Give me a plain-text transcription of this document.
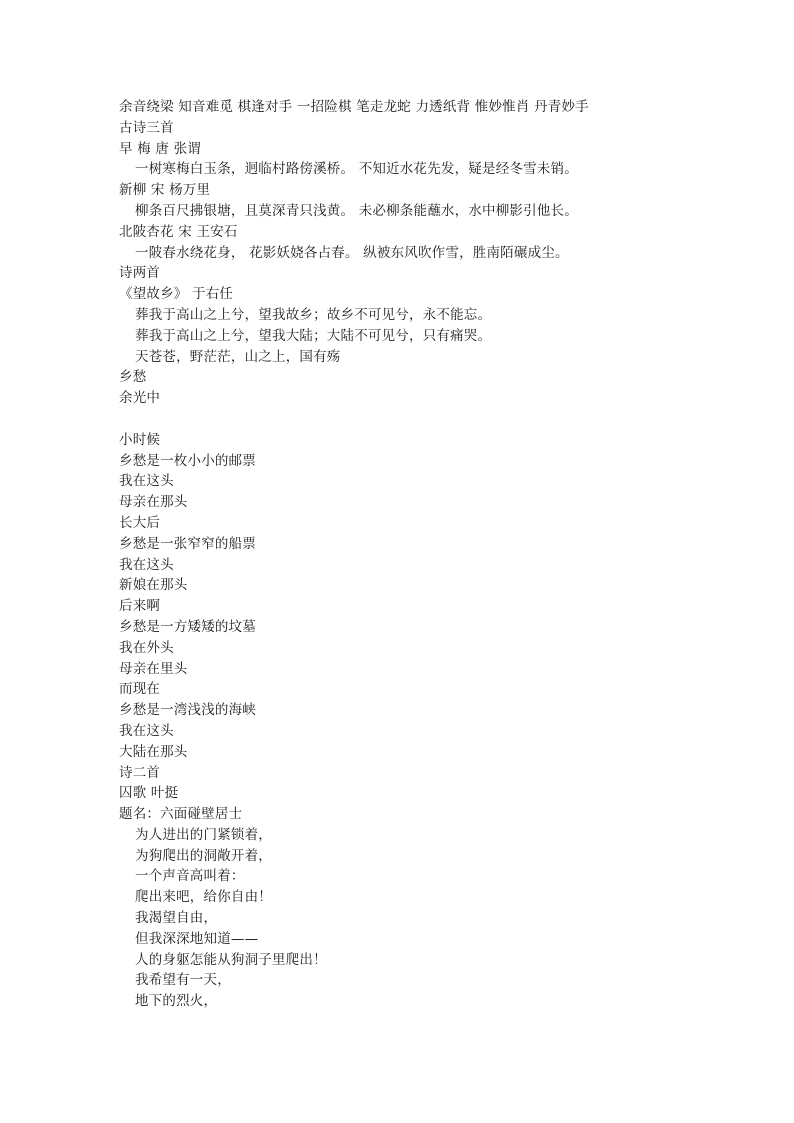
余音绕梁 知音难觅 棋逢对手 一招险棋 笔走龙蛇 力透纸背 惟妙惟肖 丹青妙手
古诗三首
早 梅 唐 张谓
一树寒梅白玉条，迥临村路傍溪桥。 不知近水花先发，疑是经冬雪未销。
新柳 宋 杨万里
柳条百尺拂银塘，且莫深青只浅黄。 未必柳条能蘸水，水中柳影引他长。
北陂杏花 宋 王安石
一陂春水绕花身， 花影妖娆各占春。 纵被东风吹作雪，胜南陌碾成尘。
诗两首
《望故乡》 于右任
葬我于高山之上兮，望我故乡；故乡不可见兮，永不能忘。
葬我于高山之上兮，望我大陆；大陆不可见兮，只有痛哭。
天苍苍，野茫茫，山之上，国有殇
乡愁
余光中
小时候
乡愁是一枚小小的邮票
我在这头
母亲在那头
长大后
乡愁是一张窄窄的船票
我在这头
新娘在那头
后来啊
乡愁是一方矮矮的坟墓
我在外头
母亲在里头
而现在
乡愁是一湾浅浅的海峡
我在这头
大陆在那头
诗二首
囚歌 叶挺
题名：六面碰壁居士
为人进出的门紧锁着，
为狗爬出的洞敞开着，
一个声音高叫着：
爬出来吧，给你自由！
我渴望自由，
但我深深地知道——
人的身躯怎能从狗洞子里爬出！
我希望有一天，
地下的烈火，
